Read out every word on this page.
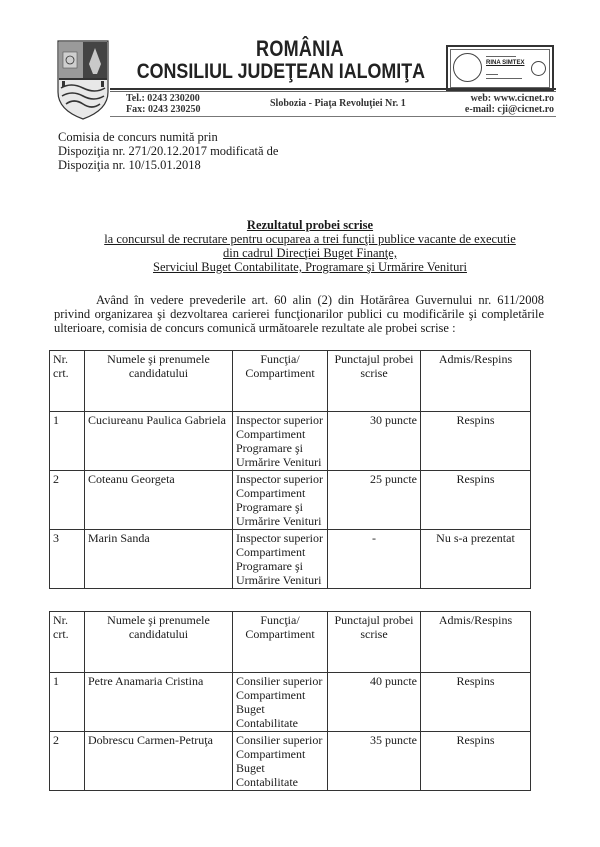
ROMÂNIA
CONSILIUL JUDEŢEAN IALOMIŢA	RINA SIMTEX
▬▬▬▬▬▬▬▬▬▬
▬▬▬▬
▬▬▬▬▬▬▬▬▬▬▬▬
Tel.: 0243 230200
Fax: 0243 230250
Slobozia - Piaţa Revoluţiei Nr. 1	web: www.cicnet.ro
e-mail: cji@cicnet.ro
Comisia de concurs numită prin
Dispoziţia nr. 271/20.12.2017 modificată de
Dispoziţia nr. 10/15.01.2018
Rezultatul probei scrise
la concursul de recrutare pentru ocuparea a trei funcţii publice vacante de executie
din cadrul Direcţiei Buget Finanţe,
Serviciul Buget Contabilitate, Programare şi Urmărire Venituri
Având în vedere prevederile art. 60 alin (2) din Hotărârea Guvernului nr. 611/2008 privind organizarea şi dezvoltarea carierei funcţionarilor publici cu modificările şi completările ulterioare, comisia de concurs comunică următoarele rezultate ale probei scrise :
Nr. crt.	Numele şi prenumele candidatului	Funcţia/ Compartiment	Punctajul probei scrise	Admis/Respins
1	Cuciureanu Paulica Gabriela	Inspector superior
Compartiment
Programare şi
Urmărire Venituri	30 puncte	Respins
2	Coteanu Georgeta	Inspector superior
Compartiment
Programare şi
Urmărire Venituri	25 puncte	Respins
3	Marin Sanda	Inspector superior
Compartiment
Programare şi
Urmărire Venituri	-	Nu s-a prezentat
Nr. crt.	Numele şi prenumele candidatului	Funcţia/ Compartiment	Punctajul probei scrise	Admis/Respins
1	Petre Anamaria Cristina	Consilier superior
Compartiment
Buget
Contabilitate	40 puncte	Respins
2	Dobrescu Carmen-Petruţa	Consilier superior
Compartiment
Buget
Contabilitate	35 puncte	Respins
